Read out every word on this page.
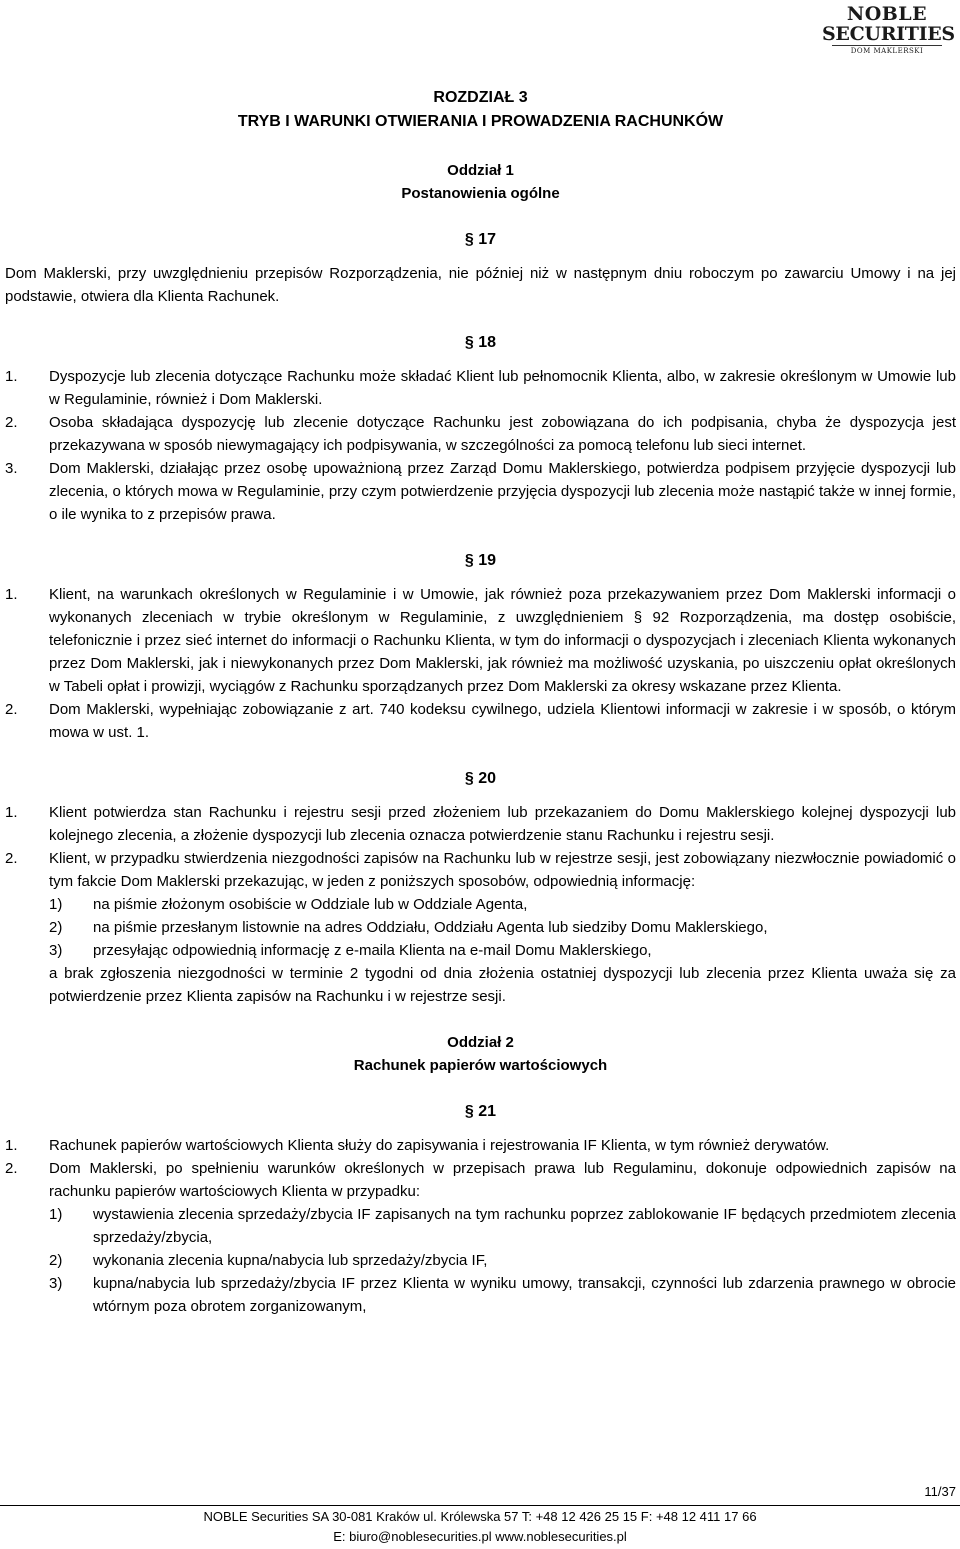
NOBLE
SECURITIES
DOM MAKLERSKI
ROZDZIAŁ 3
TRYB I WARUNKI OTWIERANIA I PROWADZENIA RACHUNKÓW
Oddział 1
Postanowienia ogólne
§ 17

Dom Maklerski, przy uwzględnieniu przepisów Rozporządzenia, nie później niż w następnym dniu roboczym po zawarciu Umowy i na jej podstawie, otwiera dla Klienta Rachunek.

§ 18
1.	Dyspozycje lub zlecenia dotyczące Rachunku może składać Klient lub pełnomocnik Klienta, albo, w zakresie określonym w Umowie lub w Regulaminie, również i Dom Maklerski.
2.	Osoba składająca dyspozycję lub zlecenie dotyczące Rachunku jest zobowiązana do ich podpisania, chyba że dyspozycja jest przekazywana w sposób niewymagający ich podpisywania, w szczególności za pomocą telefonu lub sieci internet.
3.	Dom Maklerski, działając przez osobę upoważnioną przez Zarząd Domu Maklerskiego, potwierdza podpisem przyjęcie dyspozycji lub zlecenia, o których mowa w Regulaminie, przy czym potwierdzenie przyjęcia dyspozycji lub zlecenia może nastąpić także w innej formie, o ile wynika to z przepisów prawa.
§ 19
1.	Klient, na warunkach określonych w Regulaminie i w Umowie, jak również poza przekazywaniem przez Dom Maklerski informacji o wykonanych zleceniach w trybie określonym w Regulaminie, z uwzględnieniem § 92 Rozporządzenia, ma dostęp osobiście, telefonicznie i przez sieć internet do informacji o Rachunku Klienta, w tym do informacji o dyspozycjach i zleceniach Klienta wykonanych przez Dom Maklerski, jak i niewykonanych przez Dom Maklerski, jak również ma możliwość uzyskania, po uiszczeniu opłat określonych w Tabeli opłat i prowizji, wyciągów z Rachunku sporządzanych przez Dom Maklerski za okresy wskazane przez Klienta.
2.	Dom Maklerski, wypełniając zobowiązanie z art. 740 kodeksu cywilnego, udziela Klientowi informacji w zakresie i w sposób, o którym mowa w ust. 1.
§ 20
1.	Klient potwierdza stan Rachunku i rejestru sesji przed złożeniem lub przekazaniem do Domu Maklerskiego kolejnej dyspozycji lub kolejnego zlecenia, a złożenie dyspozycji lub zlecenia oznacza potwierdzenie stanu Rachunku i rejestru sesji.
2.	Klient, w przypadku stwierdzenia niezgodności zapisów na Rachunku lub w rejestrze sesji, jest zobowiązany niezwłocznie powiadomić o tym fakcie Dom Maklerski przekazując, w jeden z poniższych sposobów, odpowiednią informację:
1)	na piśmie złożonym osobiście w Oddziale lub w Oddziale Agenta,
2)	na piśmie przesłanym listownie na adres Oddziału, Oddziału Agenta lub siedziby Domu Maklerskiego,
3)	przesyłając odpowiednią informację z e-maila Klienta na e-mail Domu Maklerskiego,
a brak zgłoszenia niezgodności w terminie 2 tygodni od dnia złożenia ostatniej dyspozycji lub zlecenia przez Klienta uważa się za potwierdzenie przez Klienta zapisów na Rachunku i w rejestrze sesji.
Oddział 2
Rachunek papierów wartościowych
§ 21
1.	Rachunek papierów wartościowych Klienta służy do zapisywania i rejestrowania IF Klienta, w tym również derywatów.
2.	Dom Maklerski, po spełnieniu warunków określonych w przepisach prawa lub Regulaminu, dokonuje odpowiednich zapisów na rachunku papierów wartościowych Klienta w przypadku:
1)	wystawienia zlecenia sprzedaży/zbycia IF zapisanych na tym rachunku poprzez zablokowanie IF będących przedmiotem zlecenia sprzedaży/zbycia,
2)	wykonania zlecenia kupna/nabycia lub sprzedaży/zbycia IF,
3)	kupna/nabycia lub sprzedaży/zbycia IF przez Klienta w wyniku umowy, transakcji, czynności lub zdarzenia prawnego w obrocie wtórnym poza obrotem zorganizowanym,
11/37
NOBLE Securities SA 30-081 Kraków ul. Królewska 57 T: +48 12 426 25 15 F: +48 12 411 17 66
E: biuro@noblesecurities.pl www.noblesecurities.pl
